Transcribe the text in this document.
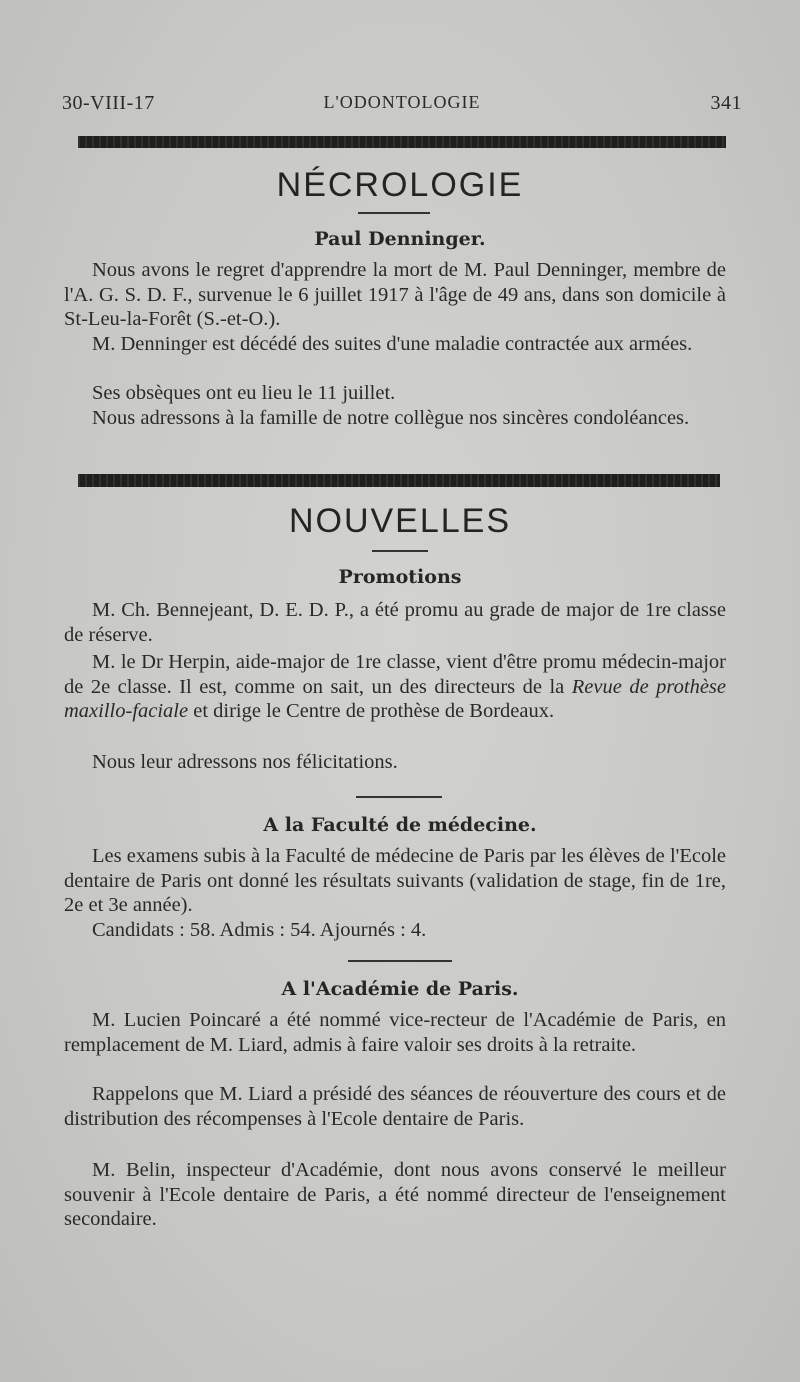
30-VIII-17	L'ODONTOLOGIE	341
NÉCROLOGIE
Paul Denninger.
Nous avons le regret d'apprendre la mort de M. Paul Denninger, membre de l'A. G. S. D. F., survenue le 6 juillet 1917 à l'âge de 49 ans, dans son domicile à St-Leu-la-Forêt (S.-et-O.).
M. Denninger est décédé des suites d'une maladie contractée aux armées.
Ses obsèques ont eu lieu le 11 juillet.
Nous adressons à la famille de notre collègue nos sincères condoléances.
NOUVELLES
Promotions
M. Ch. Bennejeant, D. E. D. P., a été promu au grade de major de 1re classe de réserve.
M. le Dr Herpin, aide-major de 1re classe, vient d'être promu médecin-major de 2e classe. Il est, comme on sait, un des directeurs de la Revue de prothèse maxillo-faciale et dirige le Centre de prothèse de Bordeaux.
Nous leur adressons nos félicitations.
A la Faculté de médecine.
Les examens subis à la Faculté de médecine de Paris par les élèves de l'Ecole dentaire de Paris ont donné les résultats suivants (validation de stage, fin de 1re, 2e et 3e année).
Candidats : 58. Admis : 54. Ajournés : 4.
A l'Académie de Paris.
M. Lucien Poincaré a été nommé vice-recteur de l'Académie de Paris, en remplacement de M. Liard, admis à faire valoir ses droits à la retraite.
Rappelons que M. Liard a présidé des séances de réouverture des cours et de distribution des récompenses à l'Ecole dentaire de Paris.
M. Belin, inspecteur d'Académie, dont nous avons conservé le meilleur souvenir à l'Ecole dentaire de Paris, a été nommé directeur de l'enseignement secondaire.
